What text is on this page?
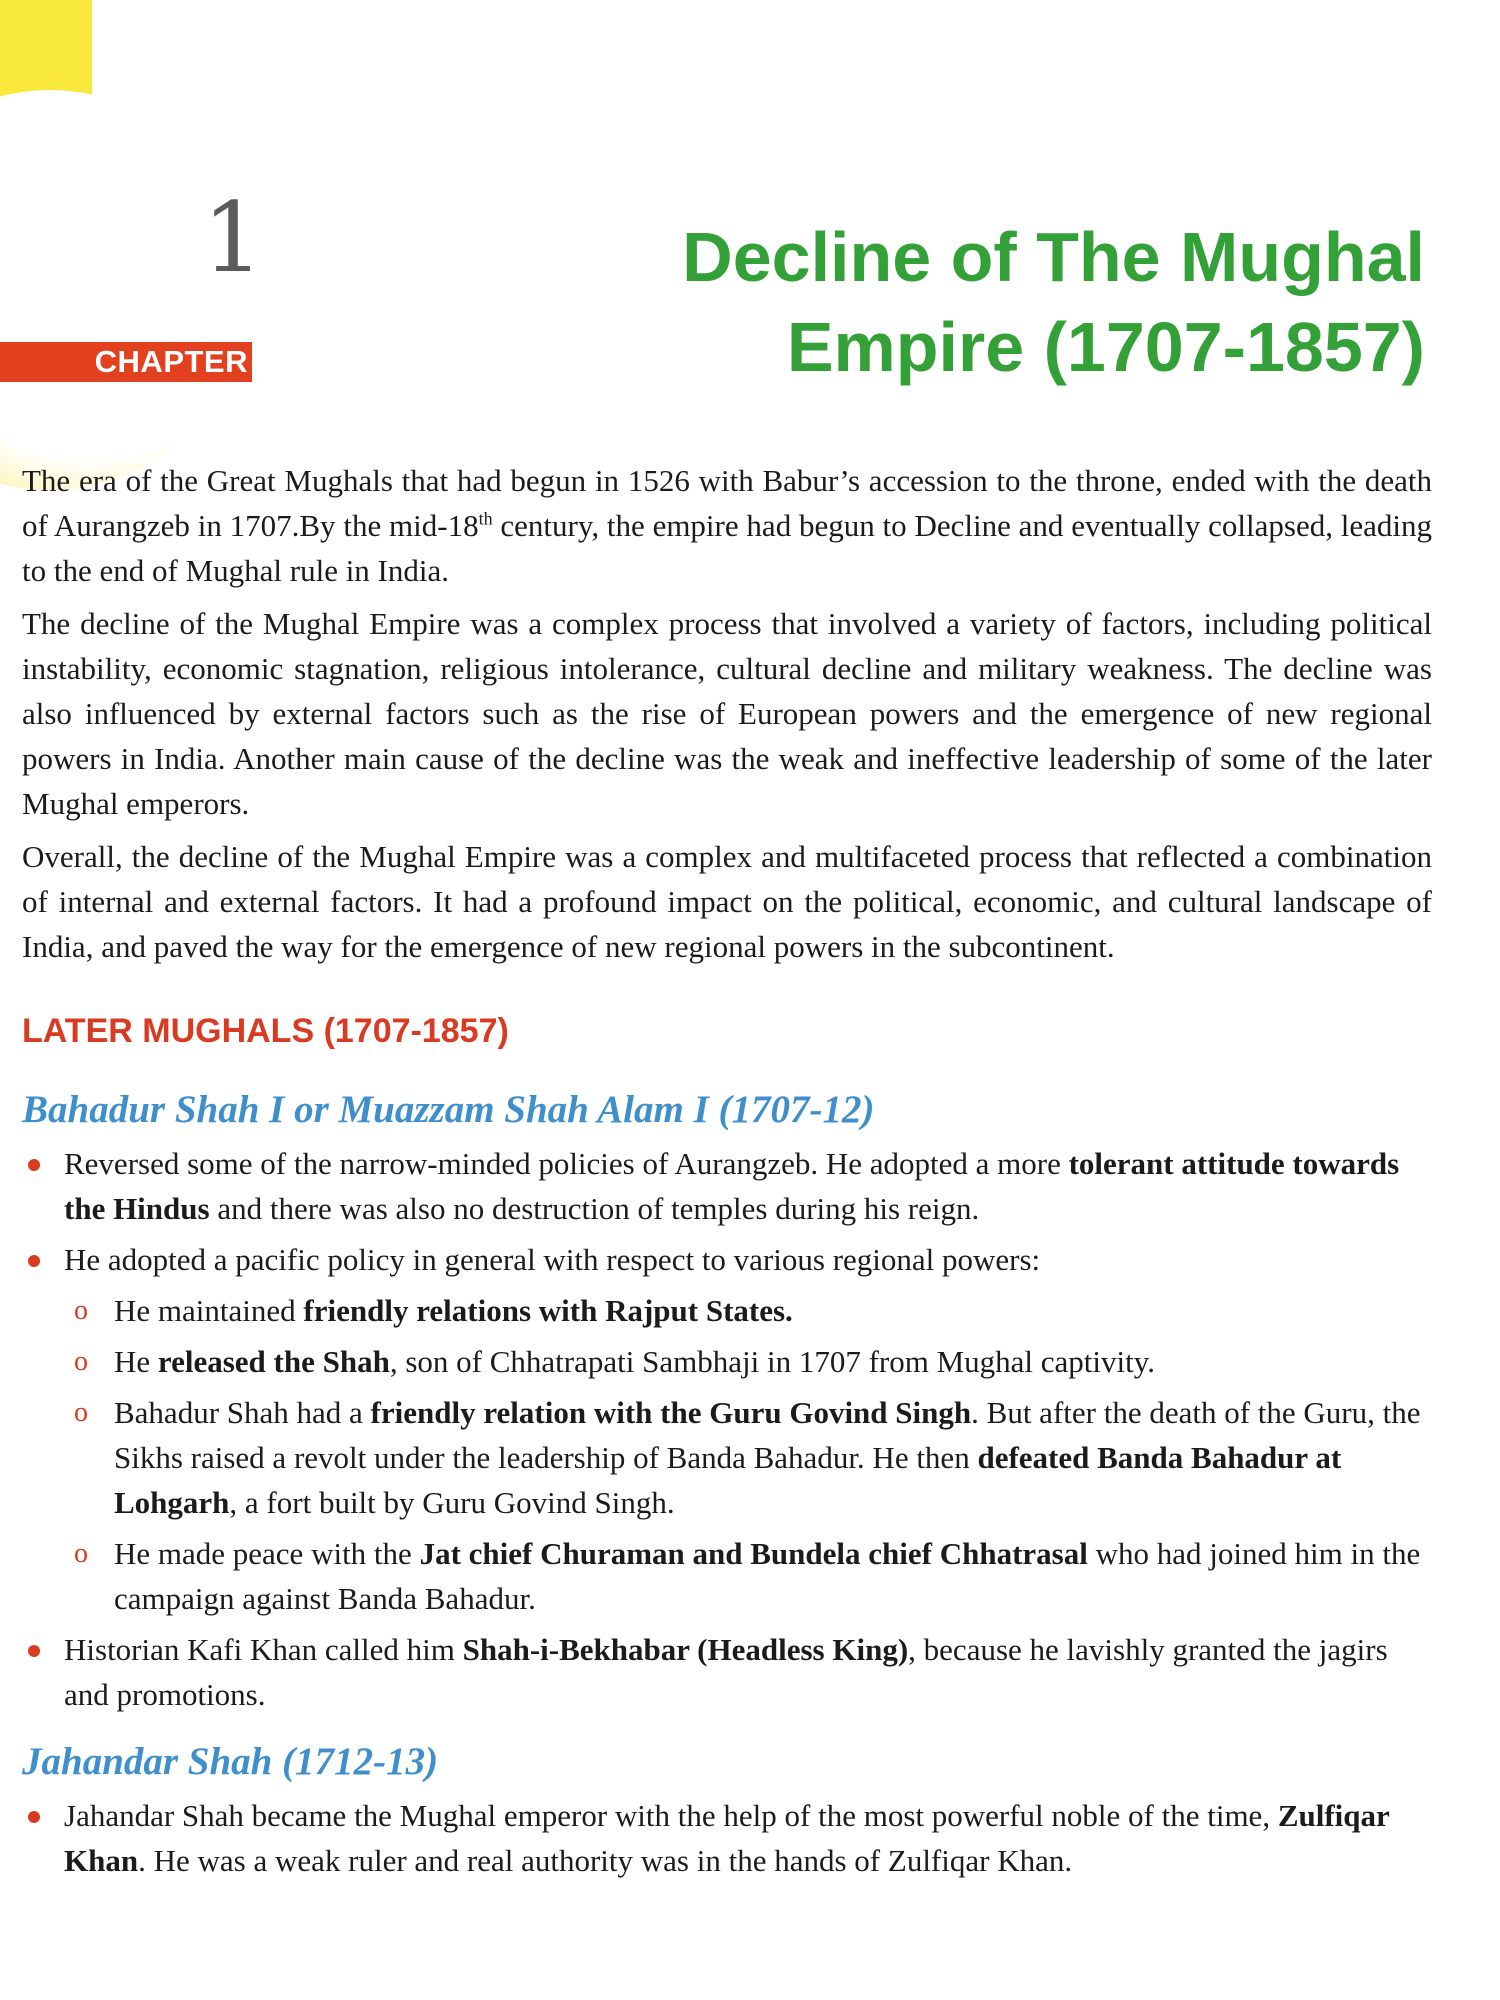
1
CHAPTER
Decline of The Mughal
Empire (1707-1857)

The era of the Great Mughals that had begun in 1526 with Babur’s accession to the throne, ended with the death of Aurangzeb in 1707.By the mid-18th century, the empire had begun to Decline and eventually collapsed, leading to the end of Mughal rule in India.

The decline of the Mughal Empire was a complex process that involved a variety of factors, including political instability, economic stagnation, religious intolerance, cultural decline and military weakness. The decline was also influenced by external factors such as the rise of European powers and the emergence of new regional powers in India. Another main cause of the decline was the weak and ineffective leadership of some of the later Mughal emperors.

Overall, the decline of the Mughal Empire was a complex and multifaceted process that reflected a combination of internal and external factors. It had a profound impact on the political, economic, and cultural landscape of India, and paved the way for the emergence of new regional powers in the subcontinent.

LATER MUGHALS (1707-1857)
Bahadur Shah I or Muazzam Shah Alam I (1707-12)
Reversed some of the narrow-minded policies of Aurangzeb. He adopted a more tolerant attitude towards the Hindus and there was also no destruction of temples during his reign.
He adopted a pacific policy in general with respect to various regional powers:
o He maintained friendly relations with Rajput States.
o He released the Shah, son of Chhatrapati Sambhaji in 1707 from Mughal captivity.
o Bahadur Shah had a friendly relation with the Guru Govind Singh. But after the death of the Guru, the Sikhs raised a revolt under the leadership of Banda Bahadur. He then defeated Banda Bahadur at Lohgarh, a fort built by Guru Govind Singh.
o He made peace with the Jat chief Churaman and Bundela chief Chhatrasal who had joined him in the campaign against Banda Bahadur.
Historian Kafi Khan called him Shah-i-Bekhabar (Headless King), because he lavishly granted the jagirs and promotions.
Jahandar Shah (1712-13)
Jahandar Shah became the Mughal emperor with the help of the most powerful noble of the time, Zulfiqar Khan. He was a weak ruler and real authority was in the hands of Zulfiqar Khan.
